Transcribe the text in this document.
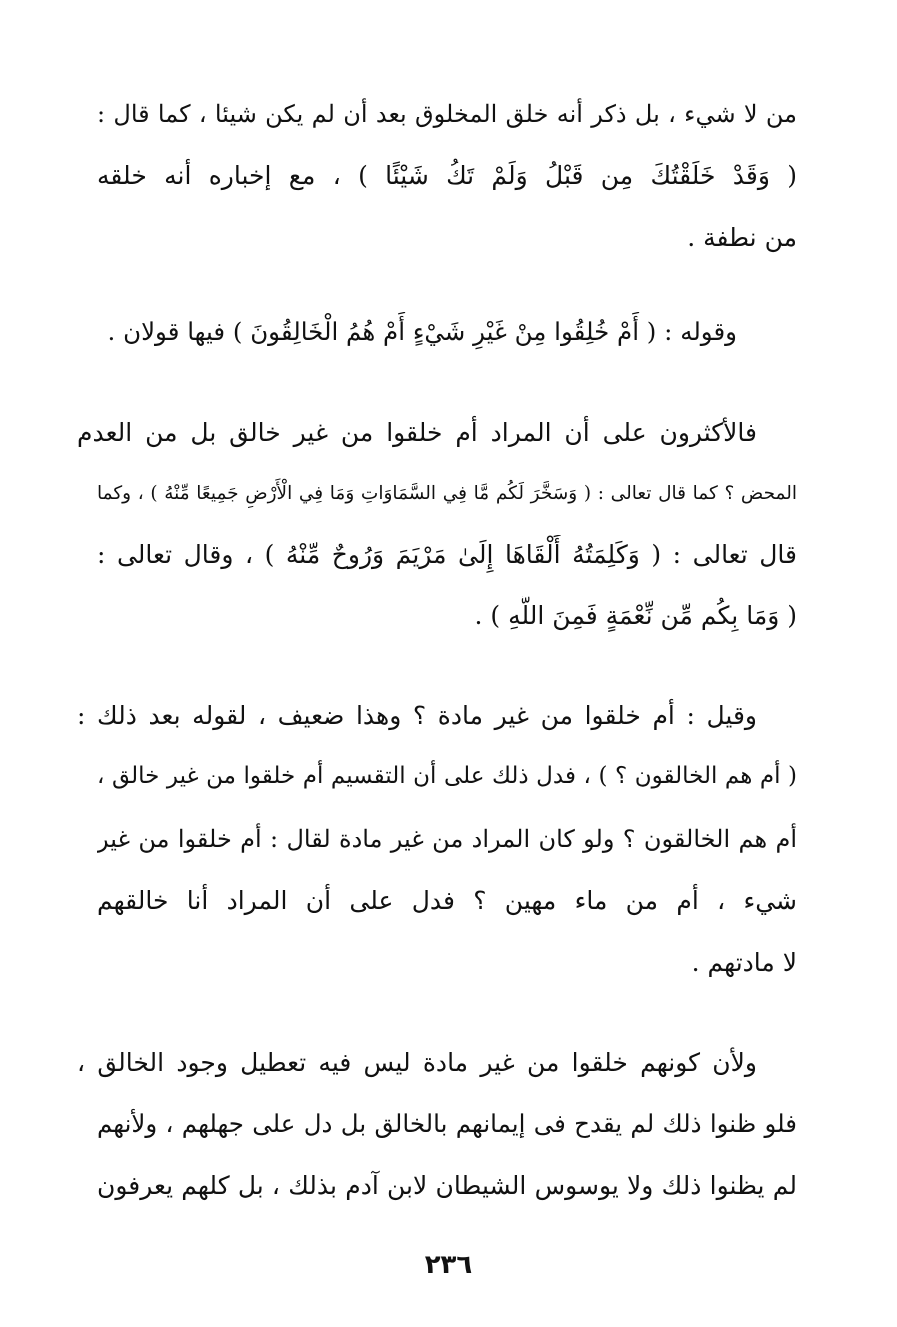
من لا شيء ، بل ذكر أنه خلق المخلوق بعد أن لم يكن شيئا ، كما قال :
( وَقَدْ خَلَقْتُكَ مِن قَبْلُ وَلَمْ تَكُ شَيْئًا ) ، مع إخباره أنه خلقه
من نطفة .
وقوله : ( أَمْ خُلِقُوا مِنْ غَيْرِ شَيْءٍ أَمْ هُمُ الْخَالِقُونَ ) فيها قولان .
فالأكثرون على أن المراد أم خلقوا من غير خالق بل من العدم
المحض ؟ كما قال تعالى : ( وَسَخَّرَ لَكُم مَّا فِي السَّمَاوَاتِ وَمَا فِي الْأَرْضِ جَمِيعًا مِّنْهُ ) ، وكما
قال تعالى : ( وَكَلِمَتُهُ أَلْقَاهَا إِلَىٰ مَرْيَمَ وَرُوحٌ مِّنْهُ ) ، وقال تعالى :
( وَمَا بِكُم مِّن نِّعْمَةٍ فَمِنَ اللَّهِ ) .
وقيل : أم خلقوا من غير مادة ؟ وهذا ضعيف ، لقوله بعد ذلك :
( أم هم الخالقون ؟ ) ، فدل ذلك على أن التقسيم أم خلقوا من غير خالق ،
أم هم الخالقون ؟ ولو كان المراد من غير مادة لقال : أم خلقوا من غير
شيء ، أم من ماء مهين ؟ فدل على أن المراد أنا خالقهم
لا مادتهم .
ولأن كونهم خلقوا من غير مادة ليس فيه تعطيل وجود الخالق ،
فلو ظنوا ذلك لم يقدح فى إيمانهم بالخالق بل دل على جهلهم ، ولأنهم
لم يظنوا ذلك ولا يوسوس الشيطان لابن آدم بذلك ، بل كلهم يعرفون
٢٣٦
